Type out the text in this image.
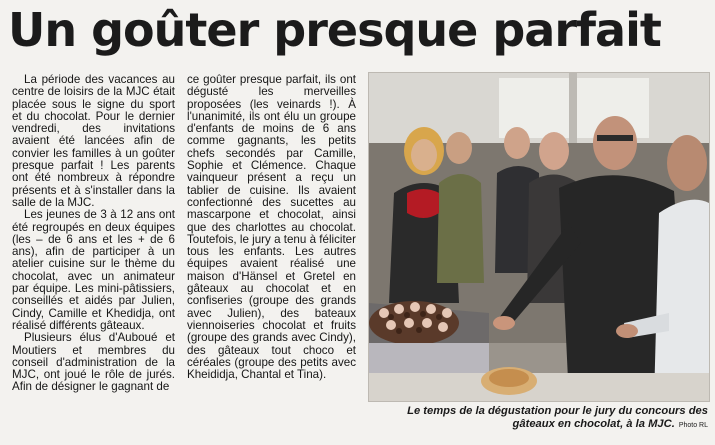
Un goûter presque parfait

La période des vacances au centre de loisirs de la MJC était placée sous le signe du sport et du chocolat. Pour le dernier vendredi, des invitations avaient été lancées afin de convier les familles à un goûter presque parfait ! Les parents ont été nombreux à répondre présents et à s'installer dans la salle de la MJC.

Les jeunes de 3 à 12 ans ont été regroupés en deux équipes (les – de 6 ans et les + de 6 ans), afin de participer à un atelier cuisine sur le thème du chocolat, avec un animateur par équipe. Les mini-pâtissiers, conseillés et aidés par Julien, Cindy, Camille et Khedidja, ont réalisé différents gâteaux.

Plusieurs élus d'Auboué et Moutiers et membres du conseil d'administration de la MJC, ont joué le rôle de jurés. Afin de désigner le gagnant de

ce goûter presque parfait, ils ont dégusté les merveilles proposées (les veinards !). À l'unanimité, ils ont élu un groupe d'enfants de moins de 6 ans comme gagnants, les petits chefs secondés par Camille, Sophie et Clémence. Chaque vainqueur présent a reçu un tablier de cuisine. Ils avaient confectionné des sucettes au mascarpone et chocolat, ainsi que des charlottes au chocolat. Toutefois, le jury a tenu à féliciter tous les enfants. Les autres équipes avaient réalisé une maison d'Hänsel et Gretel en gâteaux au chocolat et en confiseries (groupe des grands avec Julien), des bateaux viennoiseries chocolat et fruits (groupe des grands avec Cindy), des gâteaux tout choco et céréales (groupe des petits avec Kheididja, Chantal et Tina).

Le temps de la dégustation pour le jury du concours des gâteaux en chocolat, à la MJC. Photo RL
